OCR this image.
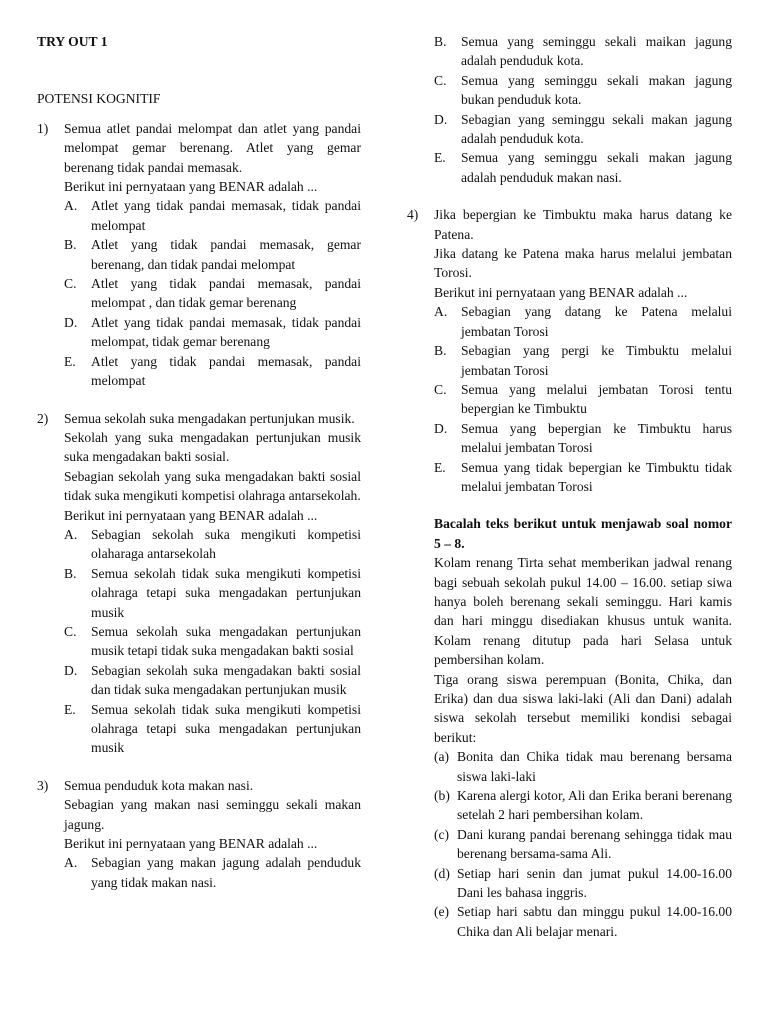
TRY OUT 1

POTENSI KOGNITIF

1)	Semua atlet pandai melompat dan atlet yang pandai melompat gemar berenang. Atlet yang gemar berenang tidak pandai memasak.

Berikut ini pernyataan yang BENAR adalah ...

A.	Atlet yang tidak pandai memasak, tidak pandai melompat
B.	Atlet yang tidak pandai memasak, gemar berenang, dan tidak pandai melompat
C.	Atlet yang tidak pandai memasak, pandai melompat , dan tidak gemar berenang
D.	Atlet yang tidak pandai memasak, tidak pandai melompat, tidak gemar berenang
E.	Atlet yang tidak pandai memasak, pandai melompat
2)	Semua sekolah suka mengadakan pertunjukan musik.

Sekolah yang suka mengadakan pertunjukan musik suka mengadakan bakti sosial.

Sebagian sekolah yang suka mengadakan bakti sosial tidak suka mengikuti kompetisi olahraga antarsekolah.

Berikut ini pernyataan yang BENAR adalah ...

A.	Sebagian sekolah suka mengikuti kompetisi olaharaga antarsekolah
B.	Semua sekolah tidak suka mengikuti kompetisi olahraga tetapi suka mengadakan pertunjukan musik
C.	Semua sekolah suka mengadakan pertunjukan musik tetapi tidak suka mengadakan bakti sosial
D.	Sebagian sekolah suka mengadakan bakti sosial dan tidak suka mengadakan pertunjukan musik
E.	Semua sekolah tidak suka mengikuti kompetisi olahraga tetapi suka mengadakan pertunjukan musik
3)	Semua penduduk kota makan nasi.

Sebagian yang makan nasi seminggu sekali makan jagung.

Berikut ini pernyataan yang BENAR adalah ...

A.	Sebagian yang makan jagung adalah penduduk yang tidak makan nasi.
B.	Semua yang seminggu sekali maikan jagung adalah penduduk kota.
C.	Semua yang seminggu sekali makan jagung bukan penduduk kota.
D.	Sebagian yang seminggu sekali makan jagung adalah penduduk kota.
E.	Semua yang seminggu sekali makan jagung adalah penduduk makan nasi.
4)	Jika bepergian ke Timbuktu maka harus datang ke Patena.

Jika datang ke Patena maka harus melalui jembatan Torosi.

Berikut ini pernyataan yang BENAR adalah ...

A.	Sebagian yang datang ke Patena melalui jembatan Torosi
B.	Sebagian yang pergi ke Timbuktu melalui jembatan Torosi
C.	Semua yang melalui jembatan Torosi tentu bepergian ke Timbuktu
D.	Semua yang bepergian ke Timbuktu harus melalui jembatan Torosi
E.	Semua yang tidak bepergian ke Timbuktu tidak melalui jembatan Torosi

Bacalah teks berikut untuk menjawab soal nomor 5 – 8.

Kolam renang Tirta sehat memberikan jadwal renang bagi sebuah sekolah pukul 14.00 – 16.00. setiap siwa hanya boleh berenang sekali seminggu. Hari kamis dan hari minggu disediakan khusus untuk wanita. Kolam renang ditutup pada hari Selasa untuk pembersihan kolam.

Tiga orang siswa perempuan (Bonita, Chika, dan Erika) dan dua siswa laki-laki (Ali dan Dani) adalah siswa sekolah tersebut memiliki kondisi sebagai berikut:

(a) Bonita dan Chika tidak mau berenang bersama siswa laki-laki
(b) Karena alergi kotor, Ali dan Erika berani berenang setelah 2 hari pembersihan kolam.
(c) Dani kurang pandai berenang sehingga tidak mau berenang bersama-sama Ali.
(d) Setiap hari senin dan jumat pukul 14.00-16.00 Dani les bahasa inggris.
(e) Setiap hari sabtu dan minggu pukul 14.00-16.00 Chika dan Ali belajar menari.
